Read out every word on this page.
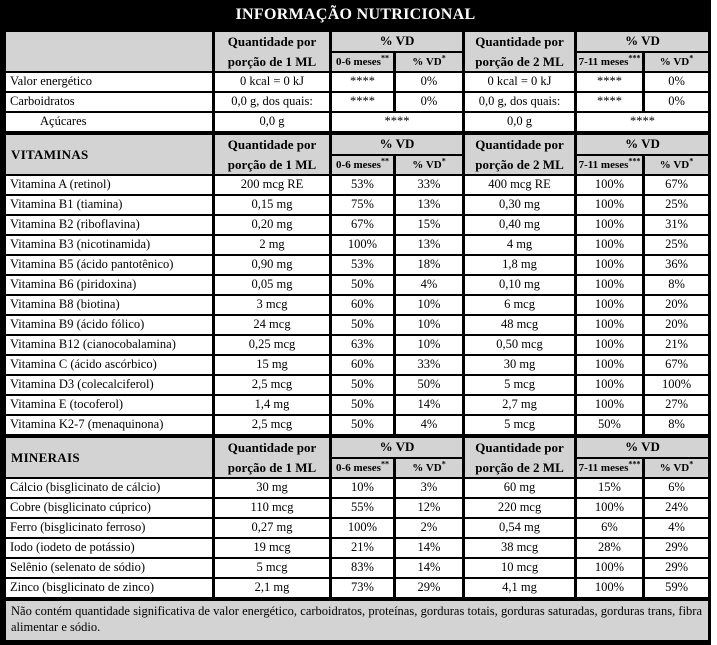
INFORMAÇÃO NUTRICIONAL

	Quantidade por
porção de 1 ML	% VD		Quantidade por
porção de 2 ML	% VD	
		0-6 meses**	% VD*		7-11 meses***	% VD*
Valor energético	0 kcal = 0 kJ	****	0%	0 kcal = 0 kJ	****	0%
Carboidratos	0,0 g, dos quais:	****	0%	0,0 g, dos quais:	****	0%
Açúcares	0,0 g	****		0,0 g	****	
VITAMINAS	Quantidade por
porção de 1 ML	% VD		Quantidade por
porção de 2 ML	% VD	
		0-6 meses**	% VD*		7-11 meses***	% VD*
Vitamina A (retinol)	200 mcg RE	53%	33%	400 mcg RE	100%	67%
Vitamina B1 (tiamina)	0,15 mg	75%	13%	0,30 mg	100%	25%
Vitamina B2 (riboflavina)	0,20 mg	67%	15%	0,40 mg	100%	31%
Vitamina B3 (nicotinamida)	2 mg	100%	13%	4 mg	100%	25%
Vitamina B5 (ácido pantotênico)	0,90 mg	53%	18%	1,8 mg	100%	36%
Vitamina B6 (piridoxina)	0,05 mg	50%	4%	0,10 mg	100%	8%
Vitamina B8 (biotina)	3 mcg	60%	10%	6 mcg	100%	20%
Vitamina B9 (ácido fólico)	24 mcg	50%	10%	48 mcg	100%	20%
Vitamina B12 (cianocobalamina)	0,25 mcg	63%	10%	0,50 mcg	100%	21%
Vitamina C (ácido ascórbico)	15 mg	60%	33%	30 mg	100%	67%
Vitamina D3 (colecalciferol)	2,5 mcg	50%	50%	5 mcg	100%	100%
Vitamina E (tocoferol)	1,4 mg	50%	14%	2,7 mg	100%	27%
Vitamina K2-7 (menaquinona)	2,5 mcg	50%	4%	5 mcg	50%	8%
MINERAIS	Quantidade por
porção de 1 ML	% VD		Quantidade por
porção de 2 ML	% VD	
		0-6 meses**	% VD*		7-11 meses***	% VD*
Cálcio (bisglicinato de cálcio)	30 mg	10%	3%	60 mg	15%	6%
Cobre (bisglicinato cúprico)	110 mcg	55%	12%	220 mcg	100%	24%
Ferro (bisglicinato ferroso)	0,27 mg	100%	2%	0,54 mg	6%	4%
Iodo (iodeto de potássio)	19 mcg	21%	14%	38 mcg	28%	29%
Selênio (selenato de sódio)	5 mcg	83%	14%	10 mcg	100%	29%
Zinco (bisglicinato de zinco)	2,1 mg	73%	29%	4,1 mg	100%	59%
Não contém quantidade significativa de valor energético, carboidratos, proteínas, gorduras totais, gorduras saturadas, gorduras trans, fibra alimentar e sódio.						
